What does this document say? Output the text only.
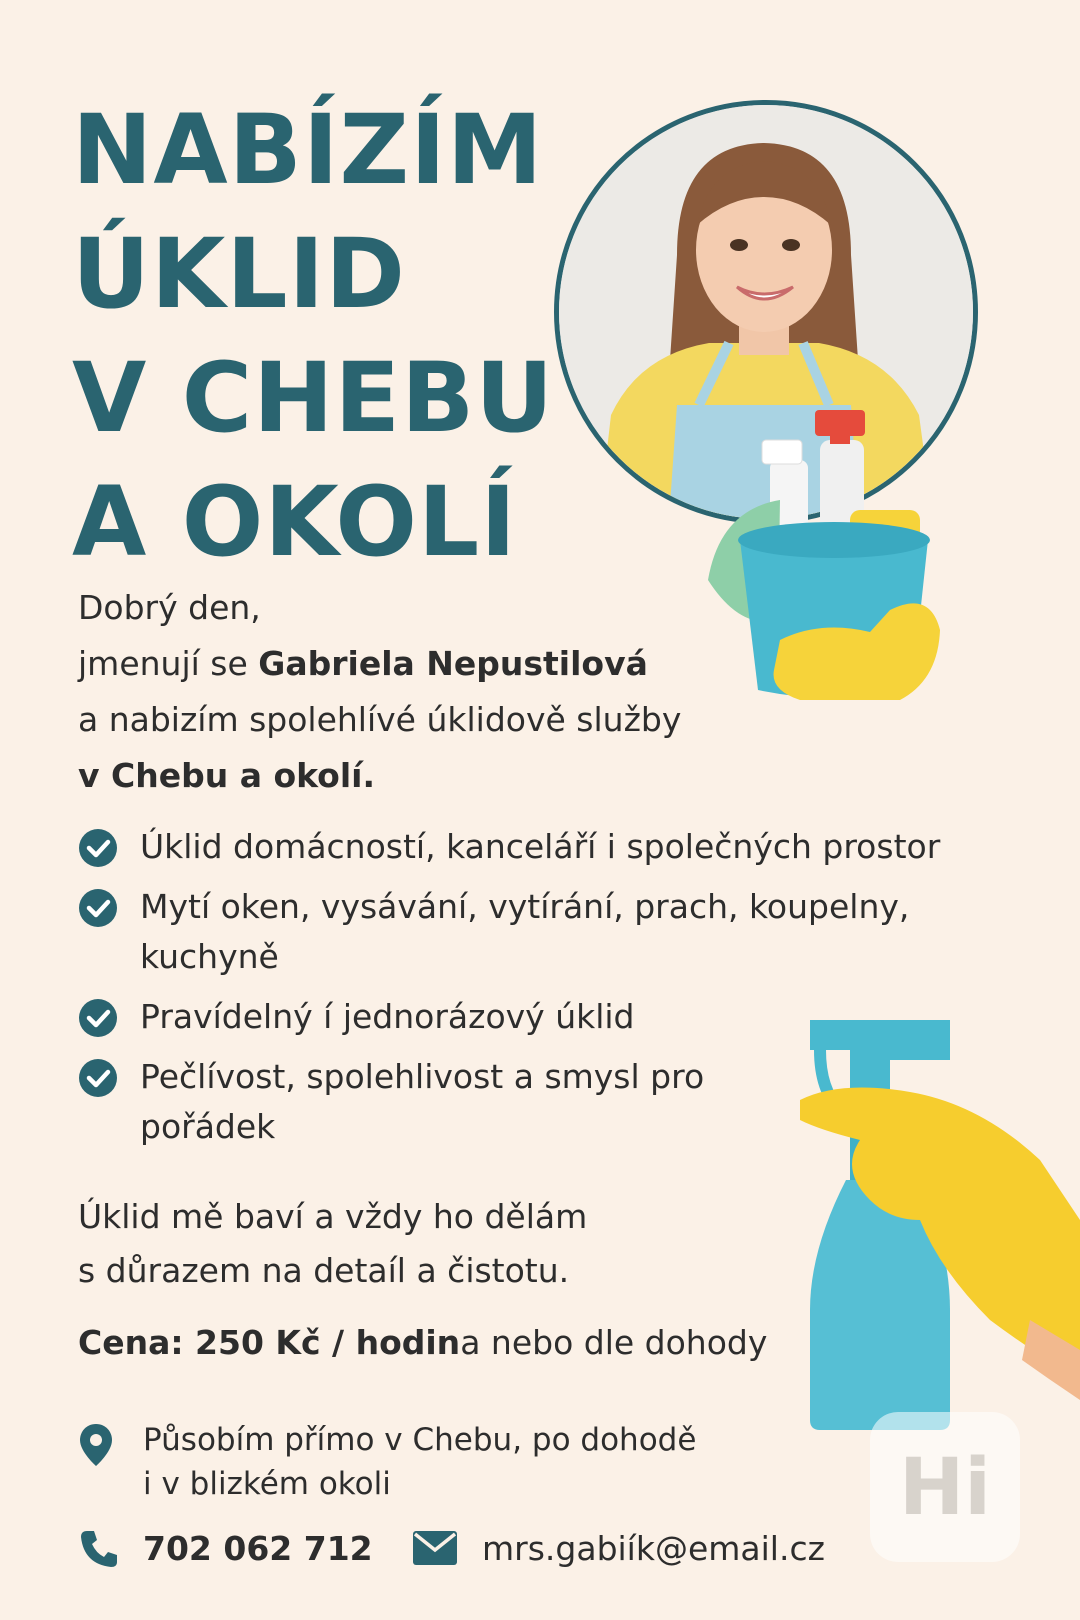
NABÍZÍM
ÚKLID
V CHEBU
A OKOLÍ
Dobrý den,
jmenují se Gabriela Nepustilová
a nabizím spolehlívé úklidově služby
v Chebu a okolí.
Úklid domácností, kanceláří i společných prostor
Mytí oken, vysávání, vytírání, prach, koupelny, kuchyně
Pravídelný í jednorázový úklid
Pečlívost, spolehlivost a smysl pro pořádek
Úklid mě baví a vždy ho dělám
s důrazem na detaíl a čistotu.
Cena: 250 Kč / hodina nebo dle dohody
Působím přímo v Chebu, po dohodě
i v blizkém okoli
702 062 712	mrs.gabiík@email.cz
Hi
